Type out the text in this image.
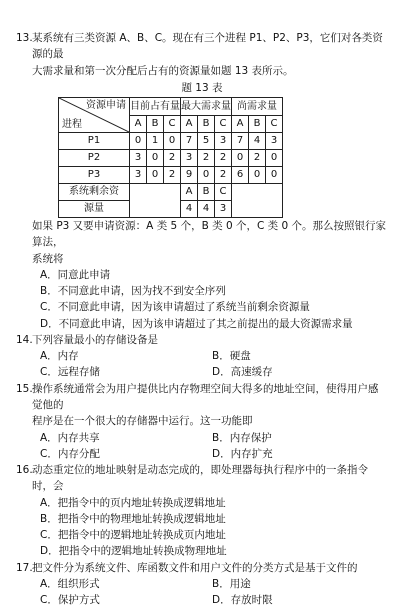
13. 某系统有三类资源 A、B、C。现在有三个进程 P1、P2、P3，它们对各类资源的最
大需求量和第一次分配后占有的资源量如题 13 表所示。
题 13 表
资源申请
进程	目前占有量			最大需求量			尚需求量		
	A	B	C	A	B	C	A	B	C
P1	0	1	0	7	5	3	7	4	3
P2	3	0	2	3	2	2	0	2	0
P3	3	0	2	9	0	2	6	0	0
系统剩余资				A	B	C			
源量				4	4	3			
如果 P3 又要申请资源：A 类 5 个，B 类 0 个，C 类 0 个。那么按照银行家算法，
系统将
A．同意此申请
B．不同意此申请，因为找不到安全序列
C．不同意此申请，因为该申请超过了系统当前剩余资源量
D．不同意此申请，因为该申请超过了其之前提出的最大资源需求量
14. 下列容量最小的存储设备是
A．内存	B．硬盘
C．远程存储	D．高速缓存
15. 操作系统通常会为用户提供比内存物理空间大得多的地址空间，使得用户感觉他的
程序是在一个很大的存储器中运行。这一功能即
A．内存共享	B．内存保护
C．内存分配	D．内存扩充
16. 动态重定位的地址映射是动态完成的，即处理器每执行程序中的一条指令时，会
A．把指令中的页内地址转换成逻辑地址
B．把指令中的物理地址转换成逻辑地址
C．把指令中的逻辑地址转换成页内地址
D．把指令中的逻辑地址转换成物理地址
17. 把文件分为系统文件、库函数文件和用户文件的分类方式是基于文件的
A．组织形式	B．用途
C．保护方式	D．存放时限
